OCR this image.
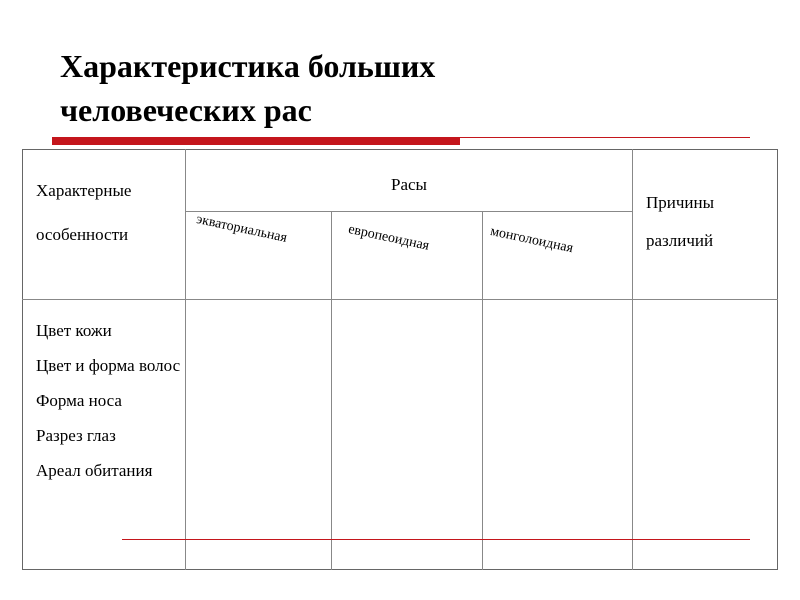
Характеристика больших
человеческих рас
Характерные
особенности
Расы
Причины
различий
экваториальная	европеоидная	монголоидная
Цвет кожи
Цвет и форма волос
Форма носа
Разрез глаз
Ареал обитания
